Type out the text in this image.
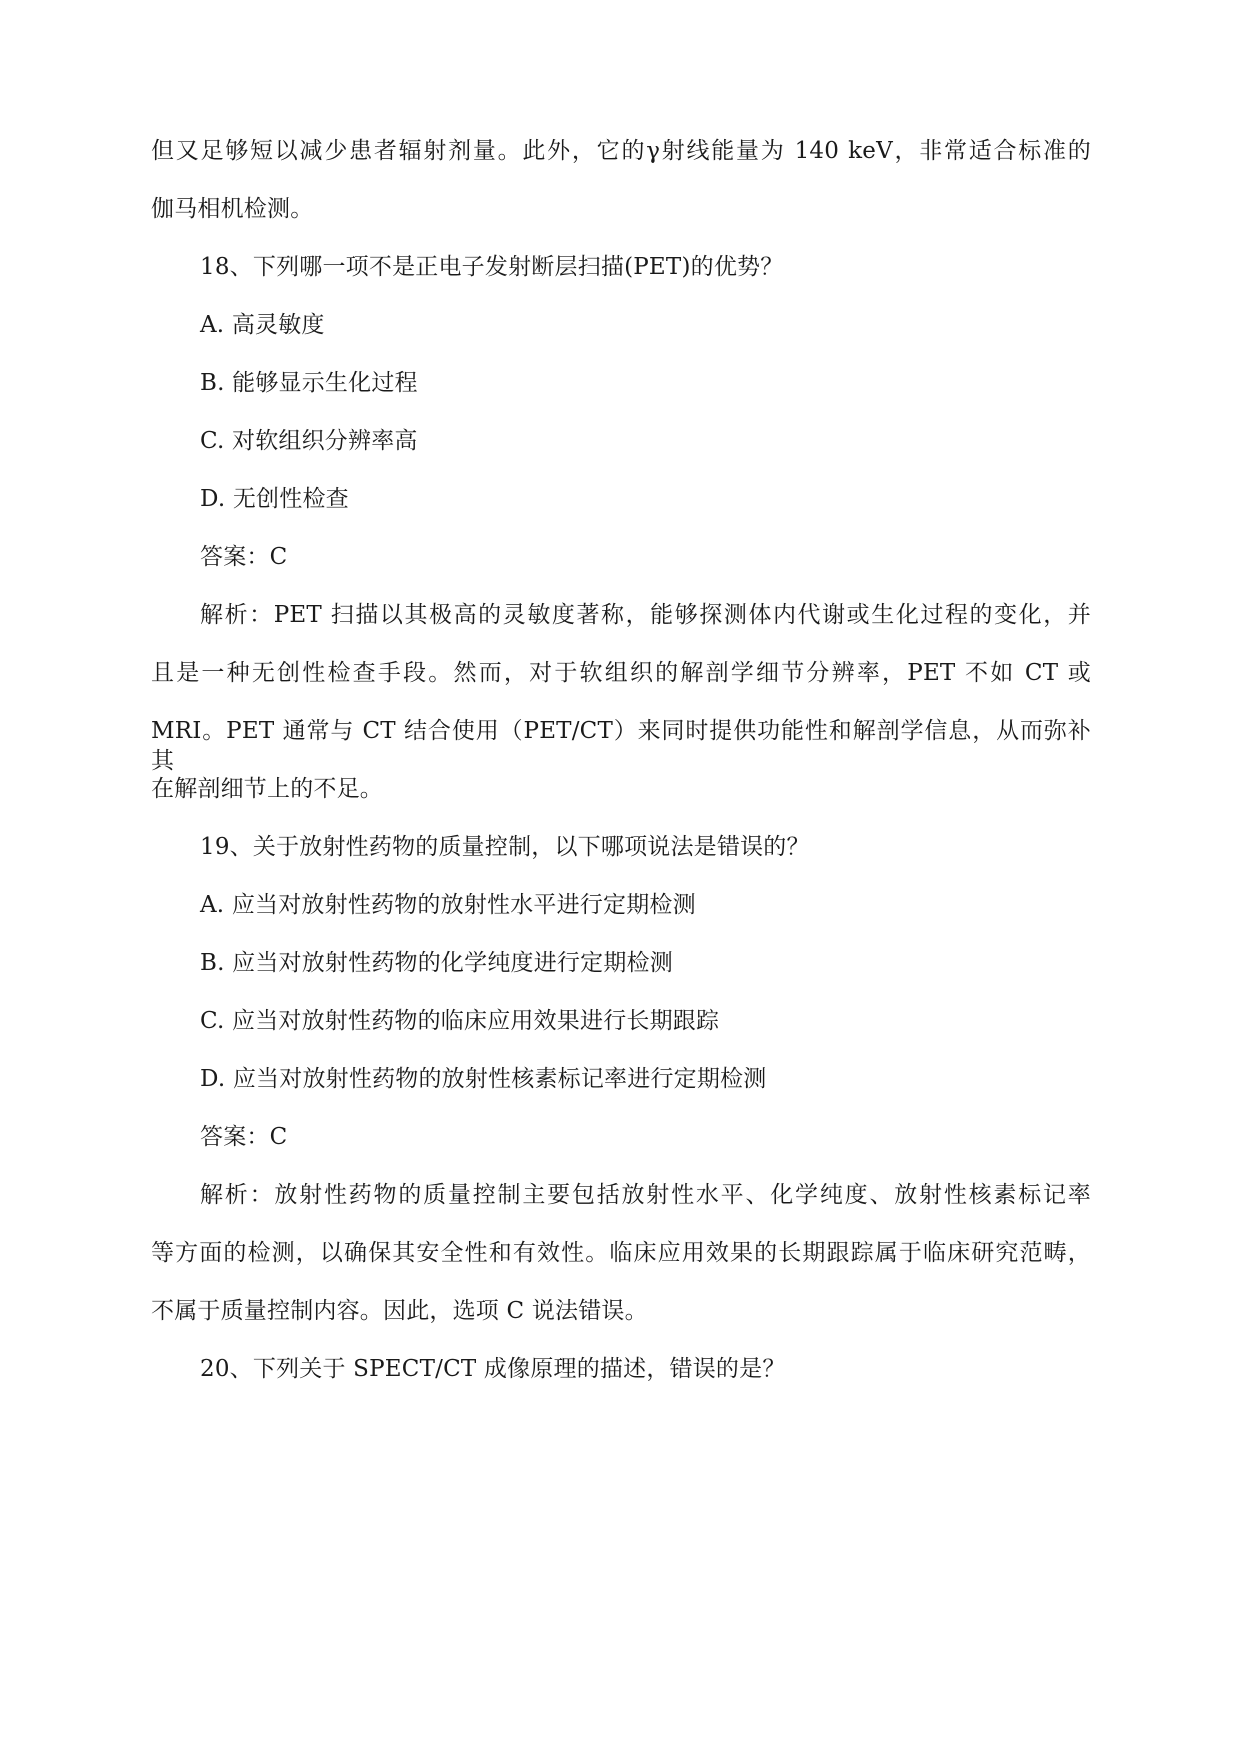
但又足够短以减少患者辐射剂量。此外，它的γ射线能量为 140 keV，非常适合标准的
伽马相机检测。
18、下列哪一项不是正电子发射断层扫描(PET)的优势？
A. 高灵敏度
B. 能够显示生化过程
C. 对软组织分辨率高
D. 无创性检查
答案：C
解析：PET 扫描以其极高的灵敏度著称，能够探测体内代谢或生化过程的变化，并
且是一种无创性检查手段。然而，对于软组织的解剖学细节分辨率，PET 不如 CT 或
MRI。PET 通常与 CT 结合使用（PET/CT）来同时提供功能性和解剖学信息，从而弥补其
在解剖细节上的不足。
19、关于放射性药物的质量控制，以下哪项说法是错误的？
A. 应当对放射性药物的放射性水平进行定期检测
B. 应当对放射性药物的化学纯度进行定期检测
C. 应当对放射性药物的临床应用效果进行长期跟踪
D. 应当对放射性药物的放射性核素标记率进行定期检测
答案：C
解析：放射性药物的质量控制主要包括放射性水平、化学纯度、放射性核素标记率
等方面的检测，以确保其安全性和有效性。临床应用效果的长期跟踪属于临床研究范畴，
不属于质量控制内容。因此，选项 C 说法错误。
20、下列关于 SPECT/CT 成像原理的描述，错误的是？
